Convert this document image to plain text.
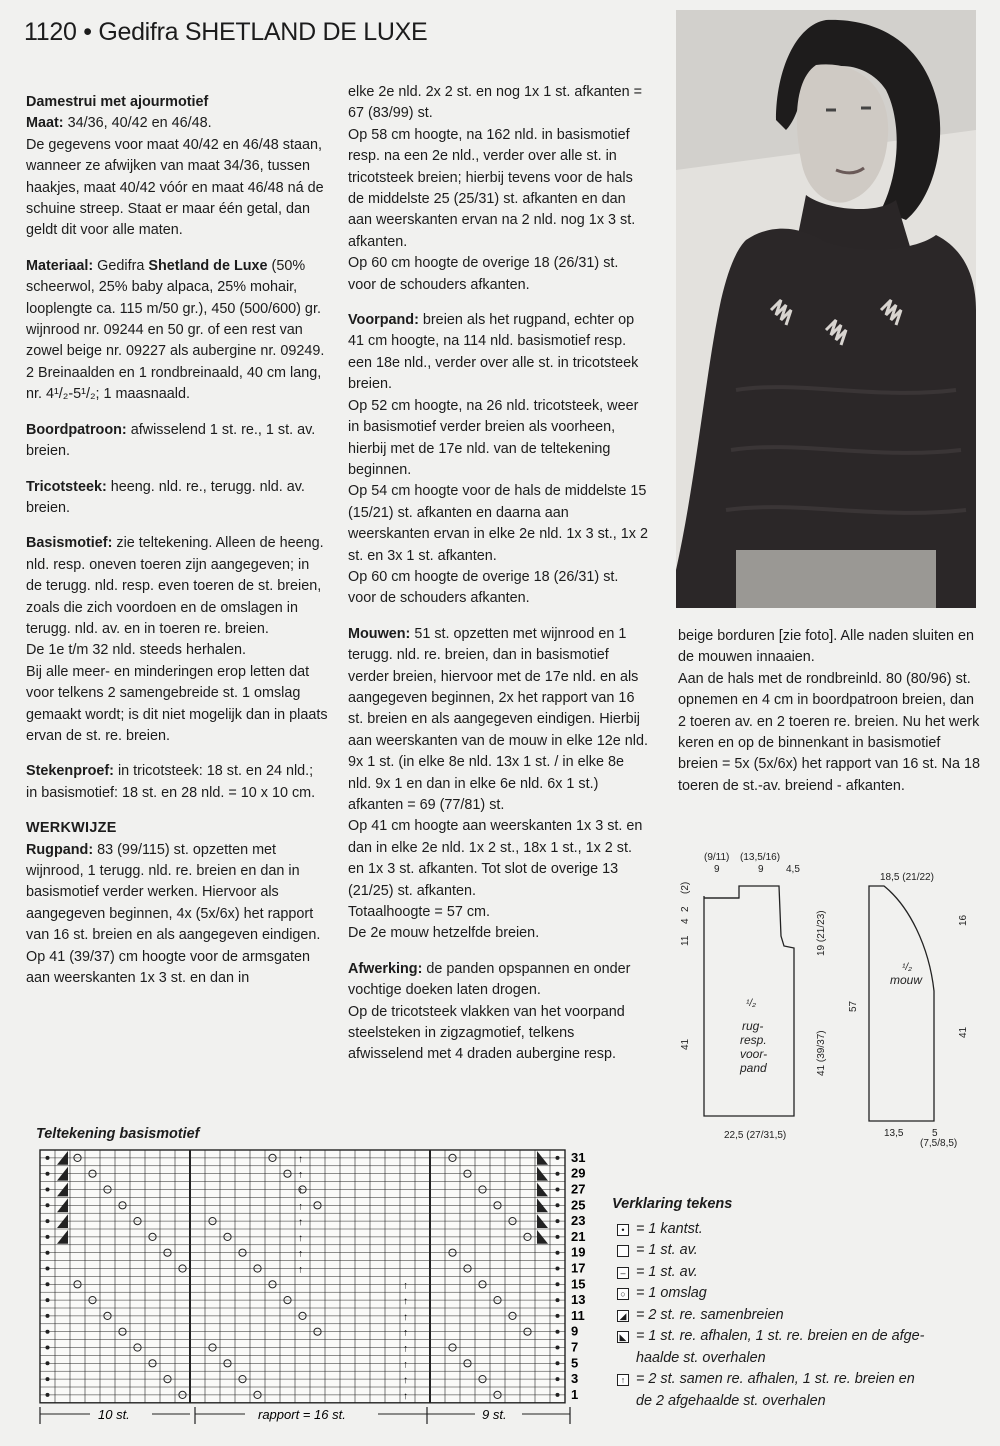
1120 • Gedifra SHETLAND DE LUXE

Damestrui met ajourmotief

Maat: 34/36, 40/42 en 46/48.

De gegevens voor maat 40/42 en 46/48 staan, wanneer ze afwijken van maat 34/36, tussen haakjes, maat 40/42 vóór en maat 46/48 ná de schuine streep. Staat er maar één getal, dan geldt dit voor alle maten.

Materiaal: Gedifra Shetland de Luxe (50% scheerwol, 25% baby alpaca, 25% mohair, looplengte ca. 115 m/50 gr.), 450 (500/600) gr. wijnrood nr. 09244 en 50 gr. of een rest van zowel beige nr. 09227 als aubergine nr. 09249.

2 Breinaalden en 1 rondbreinaald, 40 cm lang, nr. 4¹/₂-5¹/₂; 1 maasnaald.

Boordpatroon: afwisselend 1 st. re., 1 st. av. breien.

Tricotsteek: heeng. nld. re., terugg. nld. av. breien.

Basismotief: zie teltekening. Alleen de heeng. nld. resp. oneven toeren zijn aangegeven; in de terugg. nld. resp. even toeren de st. breien, zoals die zich voordoen en de omslagen in terugg. nld. av. en in toeren re. breien.

De 1e t/m 32 nld. steeds herhalen.

Bij alle meer- en minderingen erop letten dat voor telkens 2 samengebreide st. 1 omslag gemaakt wordt; is dit niet mogelijk dan in plaats ervan de st. re. breien.

Stekenproef: in tricotsteek: 18 st. en 24 nld.; in basismotief: 18 st. en 28 nld. = 10 x 10 cm.

WERKWIJZE

Rugpand: 83 (99/115) st. opzetten met wijnrood, 1 terugg. nld. re. breien en dan in basismotief verder werken. Hiervoor als aangegeven beginnen, 4x (5x/6x) het rapport van 16 st. breien en als aangegeven eindigen.

Op 41 (39/37) cm hoogte voor de armsgaten aan weerskanten 1x 3 st. en dan in

elke 2e nld. 2x 2 st. en nog 1x 1 st. afkanten = 67 (83/99) st.

Op 58 cm hoogte, na 162 nld. in basismotief resp. na een 2e nld., verder over alle st. in tricotsteek breien; hierbij tevens voor de hals de middelste 25 (25/31) st. afkanten en dan aan weerskanten ervan na 2 nld. nog 1x 3 st. afkanten.

Op 60 cm hoogte de overige 18 (26/31) st. voor de schouders afkanten.

Voorpand: breien als het rugpand, echter op 41 cm hoogte, na 114 nld. basismotief resp. een 18e nld., verder over alle st. in tricotsteek breien.

Op 52 cm hoogte, na 26 nld. tricotsteek, weer in basismotief verder breien als voorheen, hierbij met de 17e nld. van de teltekening beginnen.

Op 54 cm hoogte voor de hals de middelste 15 (15/21) st. afkanten en daarna aan weerskanten ervan in elke 2e nld. 1x 3 st., 1x 2 st. en 3x 1 st. afkanten.

Op 60 cm hoogte de overige 18 (26/31) st. voor de schouders afkanten.

Mouwen: 51 st. opzetten met wijnrood en 1 terugg. nld. re. breien, dan in basismotief verder breien, hiervoor met de 17e nld. en als aangegeven beginnen, 2x het rapport van 16 st. breien en als aangegeven eindigen. Hierbij aan weerskanten van de mouw in elke 12e nld. 9x 1 st. (in elke 8e nld. 13x 1 st. / in elke 8e nld. 9x 1 en dan in elke 6e nld. 6x 1 st.) afkanten = 69 (77/81) st.

Op 41 cm hoogte aan weerskanten 1x 3 st. en dan in elke 2e nld. 1x 2 st., 18x 1 st., 1x 2 st. en 1x 3 st. afkanten. Tot slot de overige 13 (21/25) st. afkanten.

Totaalhoogte = 57 cm.

De 2e mouw hetzelfde breien.

Afwerking: de panden opspannen en onder vochtige doeken laten drogen.

Op de tricotsteek vlakken van het voorpand steelsteken in zigzagmotief, telkens afwisselend met 4 draden aubergine resp.

beige borduren [zie foto]. Alle naden sluiten en de mouwen innaaien.

Aan de hals met de rondbreinld. 80 (80/96) st. opnemen en 4 cm in boordpatroon breien, dan 2 toeren av. en 2 toeren re. breien. Nu het werk keren en op de binnenkant in basismotief breien = 5x (5x/6x) het rapport van 16 st. Na 18 toeren de st.-av. breiend - afkanten.

(9/11)
9
(13,5/16)
9 4,5
(2)
2
4
11
41
19 (21/23)
41 (39/37)
¹/₂
rug-
resp.
voor-
pand
22,5 (27/31,5)
18,5 (21/22)
16
57
41
¹/₂
mouw
13,5	5
(7,5/8,5)
Teltekening basismotief
↑
↑
↑
↑
↑
↑
↑
↑
↑
↑
↑
↑
↑
↑
↑
↑
31
29
27
25
23
21
19
17
15
13
11
9
7
5
3
1
10 st.	rapport = 16 st.	9 st.
Verklaring tekens
• = 1 kantst.
= 1 st. av.
– = 1 st. av.
○ = 1 omslag
◢ = 2 st. re. samenbreien
◣ = 1 st. re. afhalen, 1 st. re. breien en de afge-
haalde st. overhalen
↑ = 2 st. samen re. afhalen, 1 st. re. breien en
de 2 afgehaalde st. overhalen
